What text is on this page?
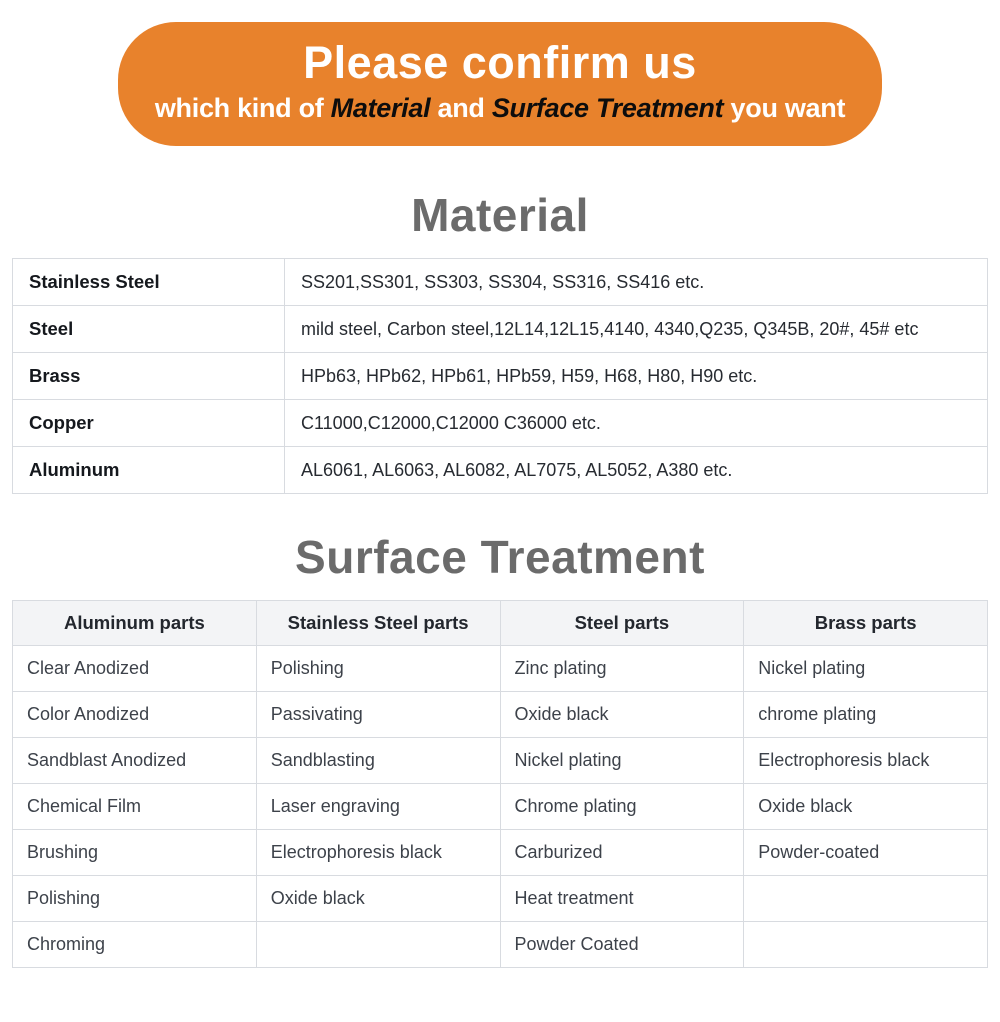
Please confirm us
which kind of Material and Surface Treatment you want
Material
Stainless Steel	SS201,SS301, SS303, SS304, SS316, SS416 etc.
Steel	mild steel, Carbon steel,12L14,12L15,4140, 4340,Q235, Q345B, 20#, 45# etc
Brass	HPb63, HPb62, HPb61, HPb59, H59, H68, H80, H90 etc.
Copper	C11000,C12000,C12000 C36000 etc.
Aluminum	AL6061, AL6063, AL6082, AL7075, AL5052, A380 etc.
Surface Treatment
Aluminum parts	Stainless Steel parts	Steel parts	Brass parts
Clear Anodized	Polishing	Zinc plating	Nickel plating
Color Anodized	Passivating	Oxide black	chrome plating
Sandblast Anodized	Sandblasting	Nickel plating	Electrophoresis black
Chemical Film	Laser engraving	Chrome plating	Oxide black
Brushing	Electrophoresis black	Carburized	Powder-coated
Polishing	Oxide black	Heat treatment	
Chroming		Powder Coated	
